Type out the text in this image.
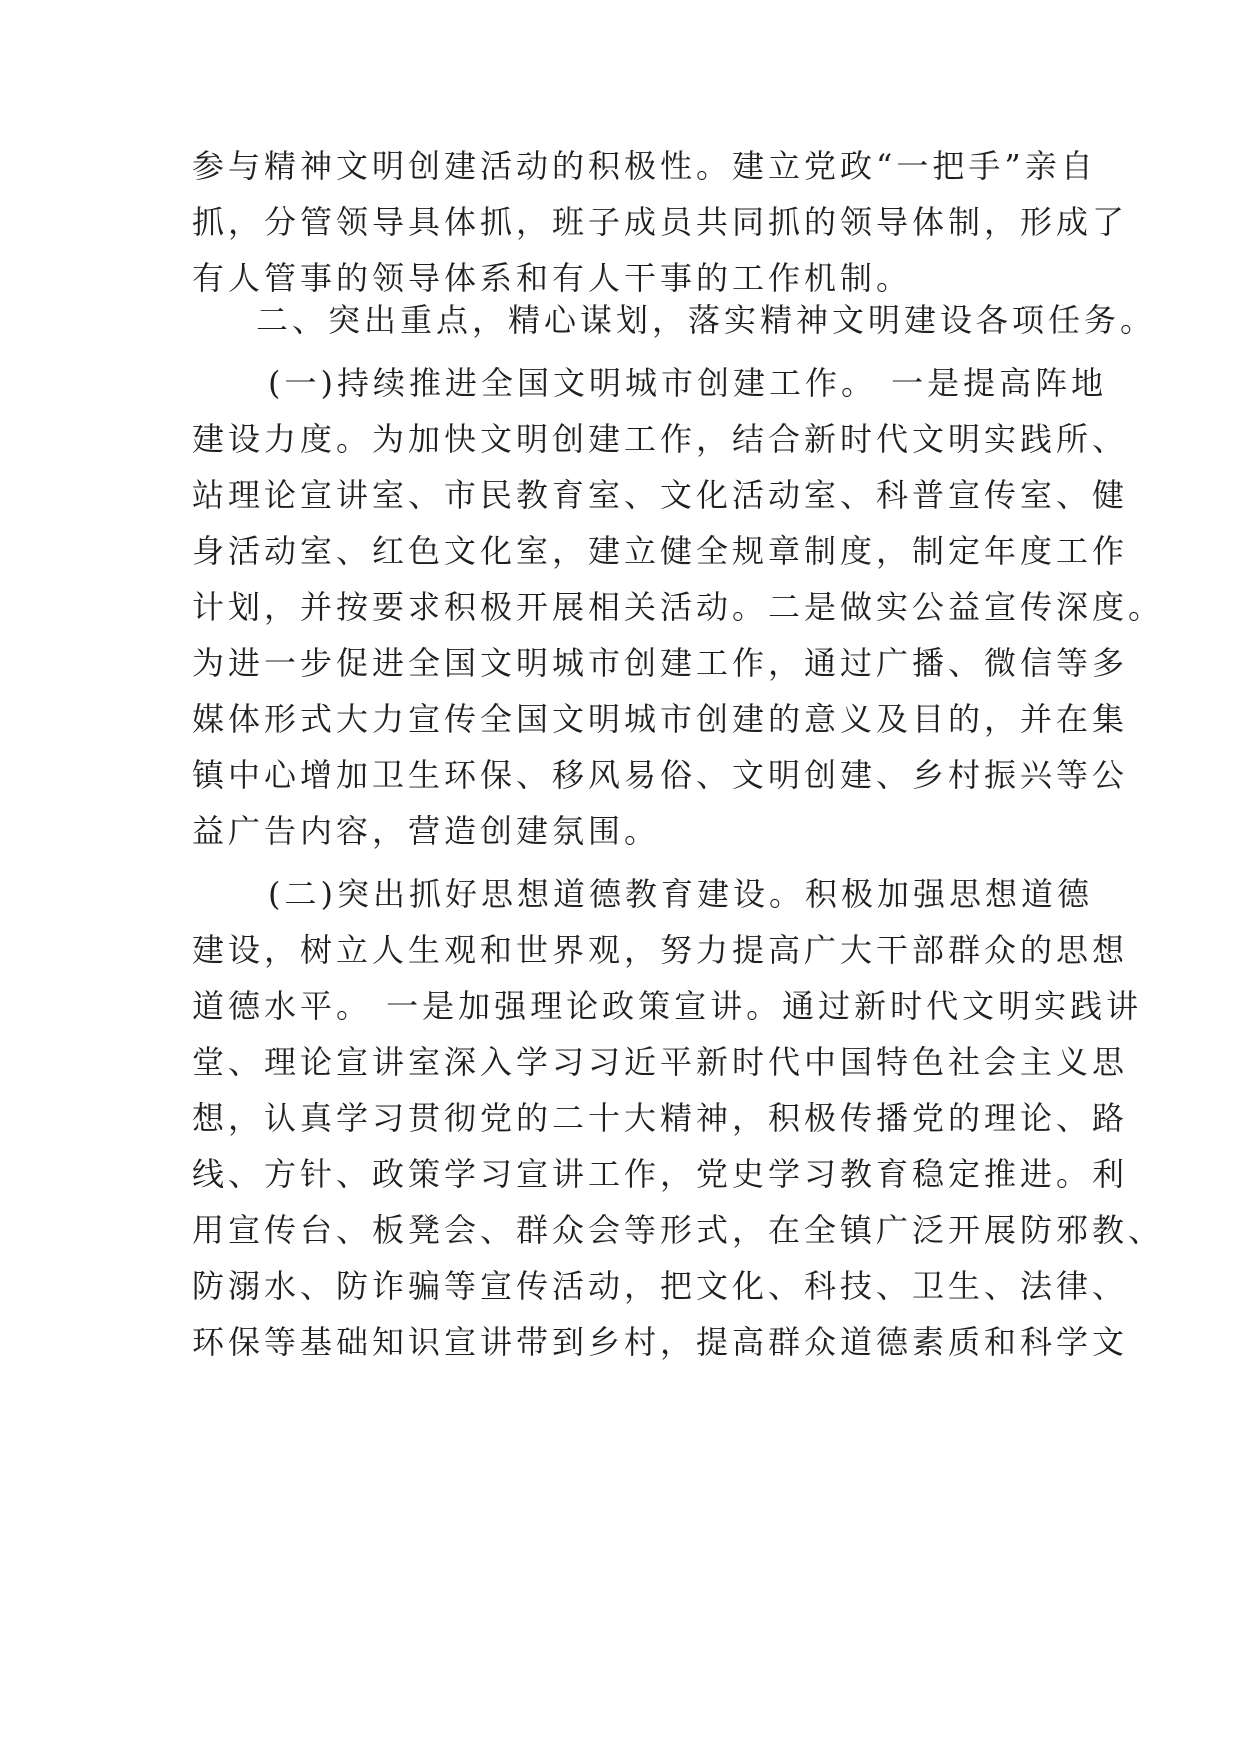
参与精神文明创建活动的积极性。建立党政“一把手”亲自
抓，分管领导具体抓，班子成员共同抓的领导体制，形成了
有人管事的领导体系和有人干事的工作机制。
二、突出重点，精心谋划，落实精神文明建设各项任务。
(一)持续推进全国文明城市创建工作。 一是提高阵地
建设力度。为加快文明创建工作，结合新时代文明实践所、
站理论宣讲室、市民教育室、文化活动室、科普宣传室、健
身活动室、红色文化室，建立健全规章制度，制定年度工作
计划，并按要求积极开展相关活动。二是做实公益宣传深度。
为进一步促进全国文明城市创建工作，通过广播、微信等多
媒体形式大力宣传全国文明城市创建的意义及目的，并在集
镇中心增加卫生环保、移风易俗、文明创建、乡村振兴等公
益广告内容，营造创建氛围。
(二)突出抓好思想道德教育建设。积极加强思想道德
建设，树立人生观和世界观，努力提高广大干部群众的思想
道德水平。 一是加强理论政策宣讲。通过新时代文明实践讲
堂、理论宣讲室深入学习习近平新时代中国特色社会主义思
想，认真学习贯彻党的二十大精神，积极传播党的理论、路
线、方针、政策学习宣讲工作，党史学习教育稳定推进。利
用宣传台、板凳会、群众会等形式，在全镇广泛开展防邪教、
防溺水、防诈骗等宣传活动，把文化、科技、卫生、法律、
环保等基础知识宣讲带到乡村，提高群众道德素质和科学文
